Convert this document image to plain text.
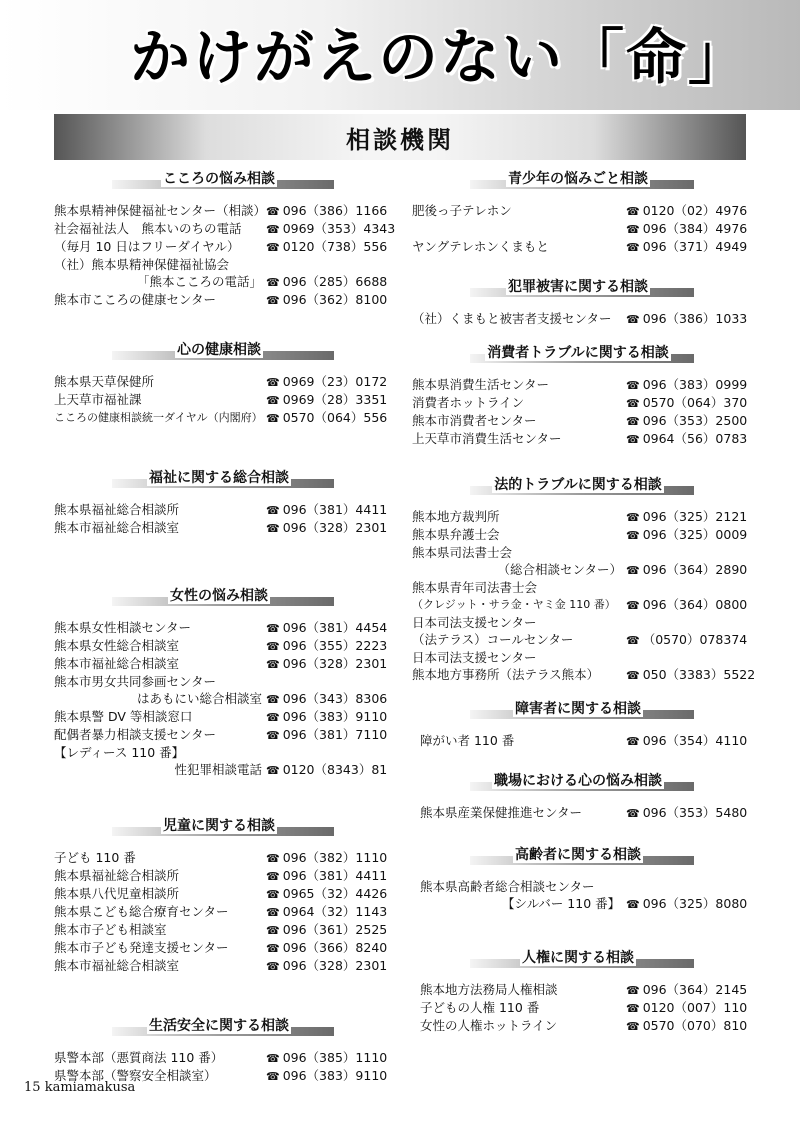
かけがえのない「命」
相談機関
こころの悩み相談
熊本県精神保健福祉センター（相談） ☎ 096（386）1166
社会福祉法人　熊本いのちの電話	☎ 0969（353）4343
（毎月 10 日はフリーダイヤル）	☎ 0120（738）556
（社）熊本県精神保健福祉協会
「熊本こころの電話」 ☎ 096（285）6688
熊本市こころの健康センター	☎ 096（362）8100
心の健康相談
熊本県天草保健所	☎ 0969（23）0172
上天草市福祉課	☎ 0969（28）3351
こころの健康相談統一ダイヤル（内閣府） ☎ 0570（064）556
福祉に関する総合相談
熊本県福祉総合相談所	☎ 096（381）4411
熊本市福祉総合相談室	☎ 096（328）2301
女性の悩み相談
熊本県女性相談センター	☎ 096（381）4454
熊本県女性総合相談室	☎ 096（355）2223
熊本市福祉総合相談室	☎ 096（328）2301
熊本市男女共同参画センター
はあもにい総合相談室 ☎ 096（343）8306
熊本県警 DV 等相談窓口	☎ 096（383）9110
配偶者暴力相談支援センター	☎ 096（381）7110
【レディース 110 番】
性犯罪相談電話 ☎ 0120（8343）81
児童に関する相談
子ども 110 番	☎ 096（382）1110
熊本県福祉総合相談所	☎ 096（381）4411
熊本県八代児童相談所	☎ 0965（32）4426
熊本県こども総合療育センター	☎ 0964（32）1143
熊本市子ども相談室	☎ 096（361）2525
熊本市子ども発達支援センター	☎ 096（366）8240
熊本市福祉総合相談室	☎ 096（328）2301
生活安全に関する相談
県警本部（悪質商法 110 番）	☎ 096（385）1110
県警本部（警察安全相談室）	☎ 096（383）9110
青少年の悩みごと相談
肥後っ子テレホン	☎ 0120（02）4976
☎ 096（384）4976
ヤングテレホンくまもと	☎ 096（371）4949
犯罪被害に関する相談
（社）くまもと被害者支援センター	☎ 096（386）1033
消費者トラブルに関する相談
熊本県消費生活センター	☎ 096（383）0999
消費者ホットライン	☎ 0570（064）370
熊本市消費者センター	☎ 096（353）2500
上天草市消費生活センター	☎ 0964（56）0783
法的トラブルに関する相談
熊本地方裁判所	☎ 096（325）2121
熊本県弁護士会	☎ 096（325）0009
熊本県司法書士会
（総合相談センター） ☎ 096（364）2890
熊本県青年司法書士会
（クレジット・サラ金・ヤミ金 110 番） ☎ 096（364）0800
日本司法支援センター
（法テラス）コールセンター	☎ （0570）078374
日本司法支援センター
熊本地方事務所（法テラス熊本）	☎ 050（3383）5522
障害者に関する相談
障がい者 110 番	☎ 096（354）4110
職場における心の悩み相談
熊本県産業保健推進センター	☎ 096（353）5480
高齢者に関する相談
熊本県高齢者総合相談センター
【シルバー 110 番】 ☎ 096（325）8080
人権に関する相談
熊本地方法務局人権相談	☎ 096（364）2145
子どもの人権 110 番	☎ 0120（007）110
女性の人権ホットライン	☎ 0570（070）810
15 kamiamakusa
